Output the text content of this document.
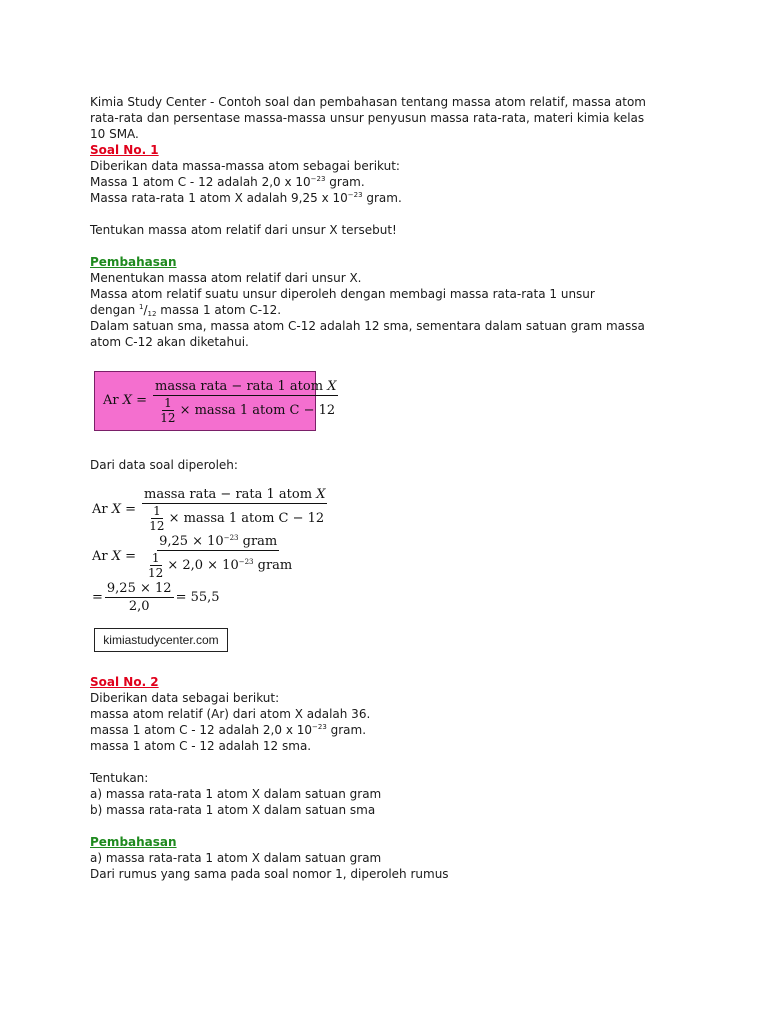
Kimia Study Center - Contoh soal dan pembahasan tentang massa atom relatif, massa atom rata-rata dan persentase massa-massa unsur penyusun massa rata-rata, materi kimia kelas 10 SMA.

Soal No. 1

Diberikan data massa-massa atom sebagai berikut:

Massa 1 atom C - 12 adalah 2,0 x $10^{-23}$ gram.

Massa rata-rata 1 atom X adalah 9,25 x $10^{-23}$ gram.

Tentukan massa atom relatif dari unsur X tersebut!

Pembahasan

Menentukan massa atom relatif dari unsur X.

Massa atom relatif suatu unsur diperoleh dengan membagi massa rata-rata 1 unsur

dengan $^1/_{12}$ massa 1 atom C-12.

Dalam satuan sma, massa atom C-12 adalah 12 sma, sementara dalam satuan gram massa atom C-12 akan diketahui.

Ar $X = \frac{\text{massa rata − rata 1 atom X}}{\frac{1}{12} \times massa 1 atom C - 12}$

Dari data soal diperoleh:

Ar $X = \frac{\text{massa rata − rata 1 atom X}}{\frac{1}{12} \times massa 1 atom C - 12}$
Ar $X = \frac{9,25 \times 10^{-23} gram}{\frac{1}{12} \times 2,0 \times 10^{-23} gram}$
= $\frac{9,25 \times 12}{2,0} = 55,5$
kimiastudycenter.com

Soal No. 2

Diberikan data sebagai berikut:

massa atom relatif (Ar) dari atom X adalah 36.

massa 1 atom C - 12 adalah 2,0 x $10^{-23}$ gram.

massa 1 atom C - 12 adalah 12 sma.

Tentukan:

a) massa rata-rata 1 atom X dalam satuan gram

b) massa rata-rata 1 atom X dalam satuan sma

Pembahasan

a) massa rata-rata 1 atom X dalam satuan gram

Dari rumus yang sama pada soal nomor 1, diperoleh rumus
